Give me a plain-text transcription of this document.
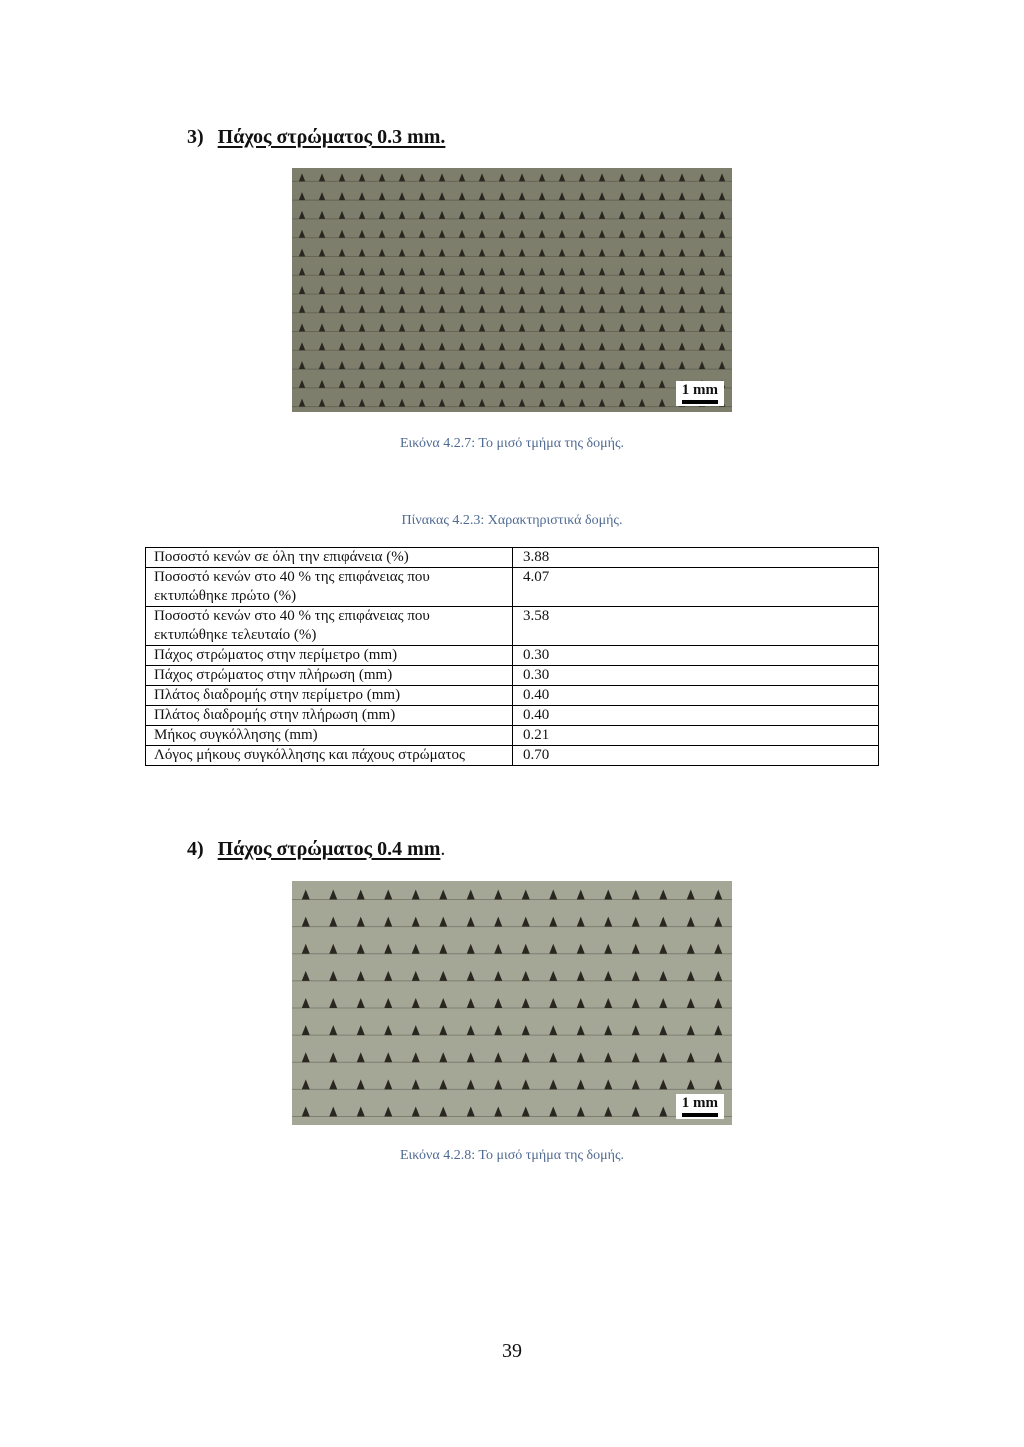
3) Πάχος στρώματος 0.3 mm.
1 mm
Εικόνα 4.2.7: Το μισό τμήμα της δομής.
Πίνακας 4.2.3: Χαρακτηριστικά δομής.
Ποσοστό κενών σε όλη την επιφάνεια (%)	3.88
Ποσοστό κενών στο 40 % της επιφάνειας που εκτυπώθηκε πρώτο (%)	4.07
Ποσοστό κενών στο 40 % της επιφάνειας που εκτυπώθηκε τελευταίο (%)	3.58
Πάχος στρώματος στην περίμετρο (mm)	0.30
Πάχος στρώματος στην πλήρωση (mm)	0.30
Πλάτος διαδρομής στην περίμετρο (mm)	0.40
Πλάτος διαδρομής στην πλήρωση (mm)	0.40
Μήκος συγκόλλησης (mm)	0.21
Λόγος μήκους συγκόλλησης και πάχους στρώματος	0.70
4) Πάχος στρώματος 0.4 mm.
1 mm
Εικόνα 4.2.8: Το μισό τμήμα της δομής.
39
